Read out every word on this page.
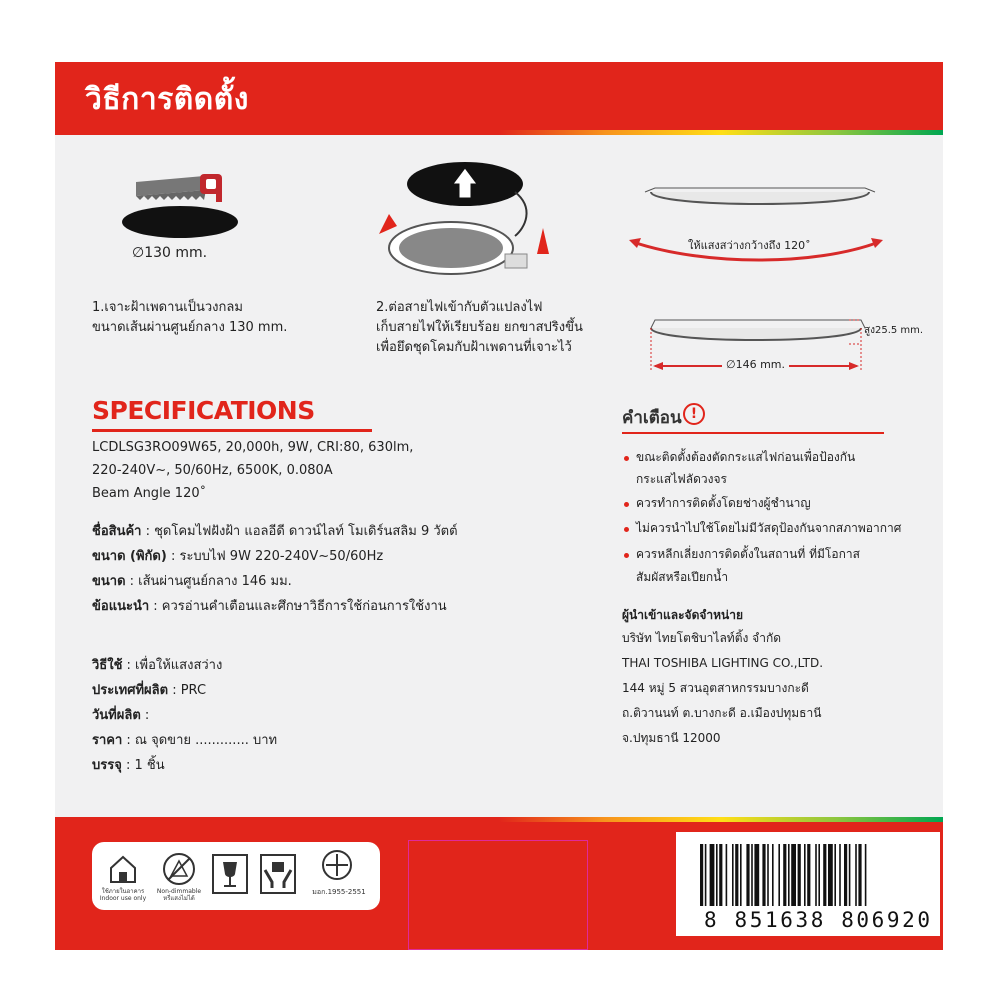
วิธีการติดตั้ง
∅130 mm.
1.เจาะฝ้าเพดานเป็นวงกลม
ขนาดเส้นผ่านศูนย์กลาง 130 mm.
2.ต่อสายไฟเข้ากับตัวแปลงไฟ
เก็บสายไฟให้เรียบร้อย ยกขาสปริงขึ้น
เพื่อยึดชุดโคมกับฝ้าเพดานที่เจาะไว้
ให้แสงสว่างกว้างถึง 120˚
สูง25.5 mm.
∅146 mm.
SPECIFICATIONS
LCDLSG3RO09W65, 20,000h, 9W, CRI:80, 630lm,
220-240V~, 50/60Hz, 6500K, 0.080A
Beam Angle 120˚
ชื่อสินค้า : ชุดโคมไฟฝังฝ้า แอลอีดี ดาวน์ไลท์ โมเดิร์นสลิม 9 วัตต์
ขนาด (พิกัด) : ระบบไฟ 9W 220-240V~50/60Hz
ขนาด : เส้นผ่านศูนย์กลาง 146 มม.
ข้อแนะนำ : ควรอ่านคำเตือนและศึกษาวิธีการใช้ก่อนการใช้งาน
วิธีใช้ : เพื่อให้แสงสว่าง
ประเทศที่ผลิต : PRC
วันที่ผลิต :
ราคา : ณ จุดขาย ............. บาท
บรรจุ : 1 ชิ้น
คำเตือน !
ขณะติดตั้งต้องตัดกระแสไฟก่อนเพื่อป้องกัน
กระแสไฟลัดวงจร
ควรทำการติดตั้งโดยช่างผู้ชำนาญ
ไม่ควรนำไปใช้โดยไม่มีวัสดุป้องกันจากสภาพอากาศ
ควรหลีกเลี่ยงการติดตั้งในสถานที่ ที่มีโอกาส
สัมผัสหรือเปียกน้ำ
ผู้นำเข้าและจัดจำหน่าย
บริษัท ไทยโตชิบาไลท์ติ้ง จำกัด
THAI TOSHIBA LIGHTING CO.,LTD.
144 หมู่ 5 สวนอุตสาหกรรมบางกะดี
ถ.ติวานนท์ ต.บางกะดี อ.เมืองปทุมธานี
จ.ปทุมธานี 12000
ใช้ภายในอาคาร
Indoor use only
Non-dimmable
หรี่แสงไม่ได้
มอก.1955-2551
8 851638 806920
